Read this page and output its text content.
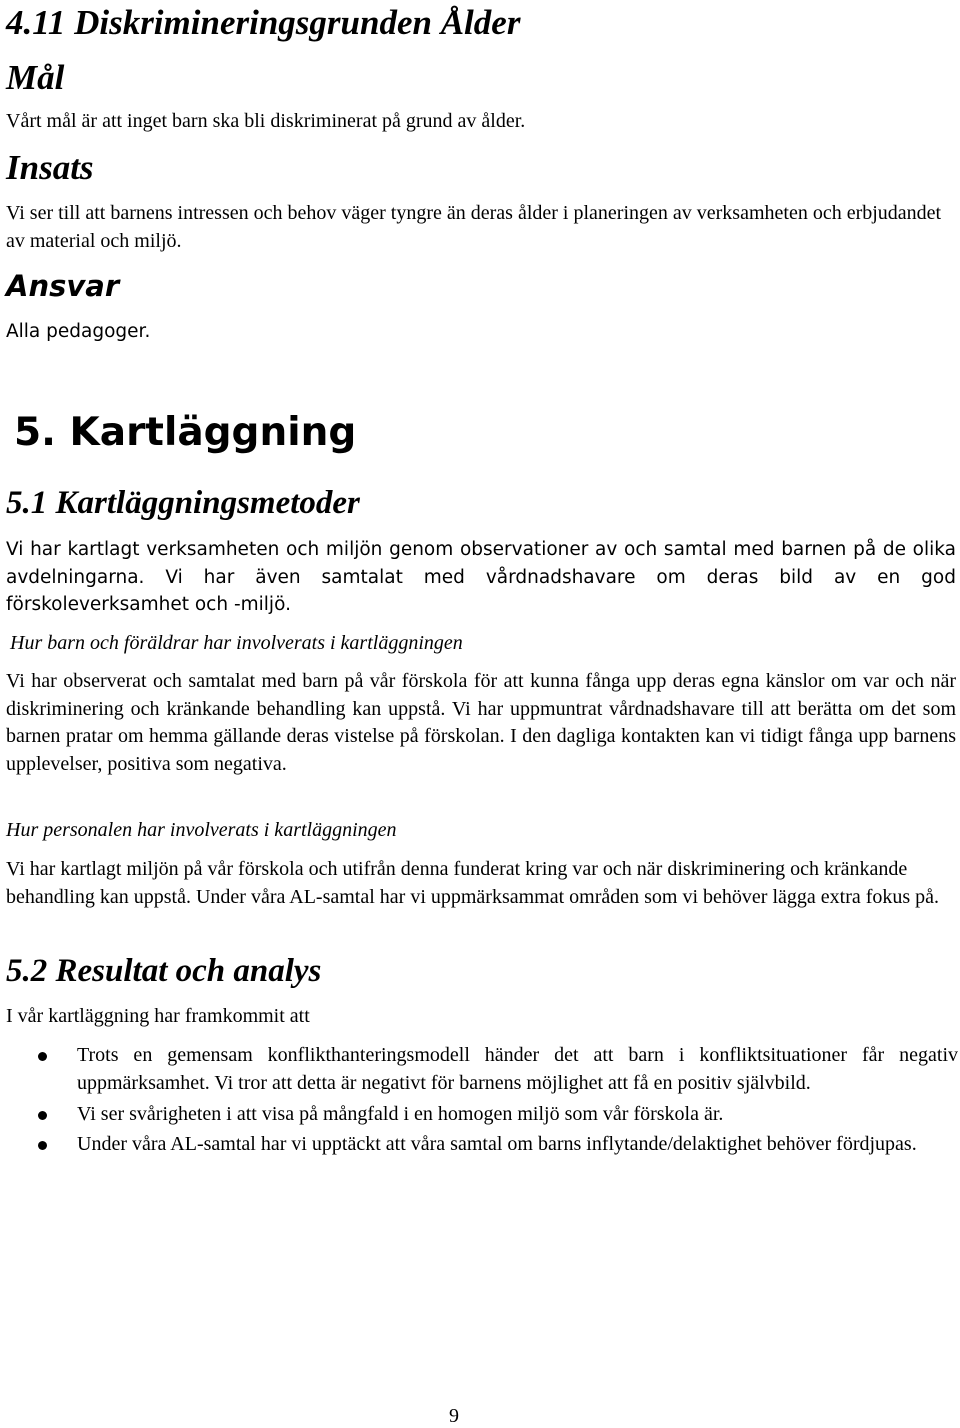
4.11 Diskrimineringsgrunden Ålder
Mål

Vårt mål är att inget barn ska bli diskriminerat på grund av ålder.

Insats

Vi ser till att barnens intressen och behov väger tyngre än deras ålder i planeringen av verksamheten och erbjudandet av material och miljö.

Ansvar

Alla pedagoger.

5. Kartläggning
5.1 Kartläggningsmetoder

Vi har kartlagt verksamheten och miljön genom observationer av och samtal med barnen på de olika avdelningarna. Vi har även samtalat med vårdnadshavare om deras bild av en god förskoleverksamhet och -miljö.

Hur barn och föräldrar har involverats i kartläggningen

Vi har observerat och samtalat med barn på vår förskola för att kunna fånga upp deras egna känslor om var och när diskriminering och kränkande behandling kan uppstå. Vi har uppmuntrat vårdnadshavare till att berätta om det som barnen pratar om hemma gällande deras vistelse på förskolan. I den dagliga kontakten kan vi tidigt fånga upp barnens upplevelser, positiva som negativa.

Hur personalen har involverats i kartläggningen

Vi har kartlagt miljön på vår förskola och utifrån denna funderat kring var och när diskriminering och kränkande behandling kan uppstå. Under våra AL-samtal har vi uppmärksammat områden som vi behöver lägga extra fokus på.

5.2 Resultat och analys

I vår kartläggning har framkommit att

Trots en gemensam konflikthanteringsmodell händer det att barn i konfliktsituationer får negativ uppmärksamhet. Vi tror att detta är negativt för barnens möjlighet att få en positiv självbild.
Vi ser svårigheten i att visa på mångfald i en homogen miljö som vår förskola är.
Under våra AL-samtal har vi upptäckt att våra samtal om barns inflytande/delaktighet behöver fördjupas.
9
